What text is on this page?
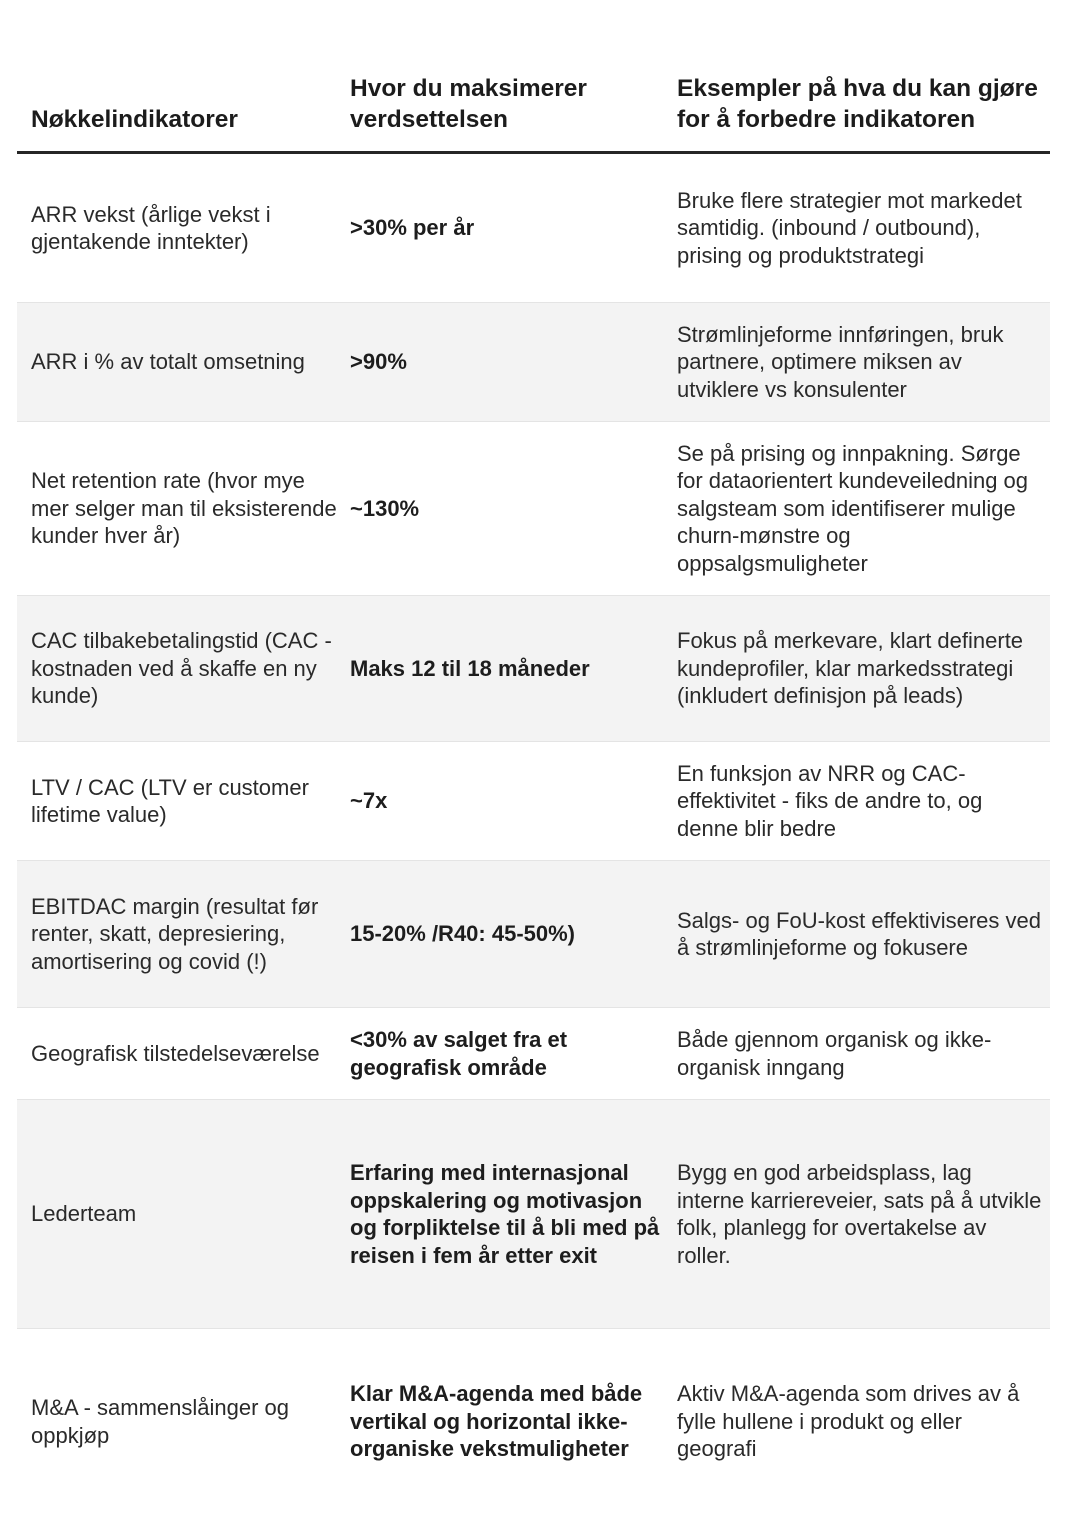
Nøkkelindikatorer
Hvor du maksimerer verdsettelsen
Eksempler på hva du kan gjøre for å forbedre indikatoren
ARR vekst (årlige vekst i gjentakende inntekter)
>30% per år
Bruke flere strategier mot markedet samtidig. (inbound / outbound), prising og produktstrategi
ARR i % av totalt omsetning	>90%
Strømlinjeforme innføringen, bruk partnere, optimere miksen av utviklere vs konsulenter
Net retention rate (hvor mye mer selger man til eksisterende kunder hver år)
~130%
Se på prising og innpakning. Sørge for dataorientert kundeveiledning og salgsteam som identifiserer mulige churn-mønstre og oppsalgsmuligheter
CAC tilbakebetalingstid (CAC - kostnaden ved å skaffe en ny kunde)
Maks 12 til 18 måneder
Fokus på merkevare, klart definerte kundeprofiler, klar markedsstrategi (inkludert definisjon på leads)
LTV / CAC (LTV er customer lifetime value)
~7x
En funksjon av NRR og CAC-effektivitet - fiks de andre to, og denne blir bedre
EBITDAC margin (resultat før renter, skatt, depresiering, amortisering og covid (!)
15-20% /R40: 45-50%)
Salgs- og FoU-kost effektiviseres ved å strømlinjeforme og fokusere
Geografisk tilstedelseværelse
<30% av salget fra et geografisk område
Både gjennom organisk og ikke-organisk inngang
Lederteam
Erfaring med internasjonal oppskalering og motivasjon og forpliktelse til å bli med på reisen i fem år etter exit
Bygg en god arbeidsplass, lag interne karriereveier, sats på å utvikle folk, planlegg for overtakelse av roller.
M&A - sammenslåinger og oppkjøp
Klar M&A-agenda med både vertikal og horizontal ikke-organiske vekstmuligheter
Aktiv M&A-agenda som drives av å fylle hullene i produkt og eller geografi
